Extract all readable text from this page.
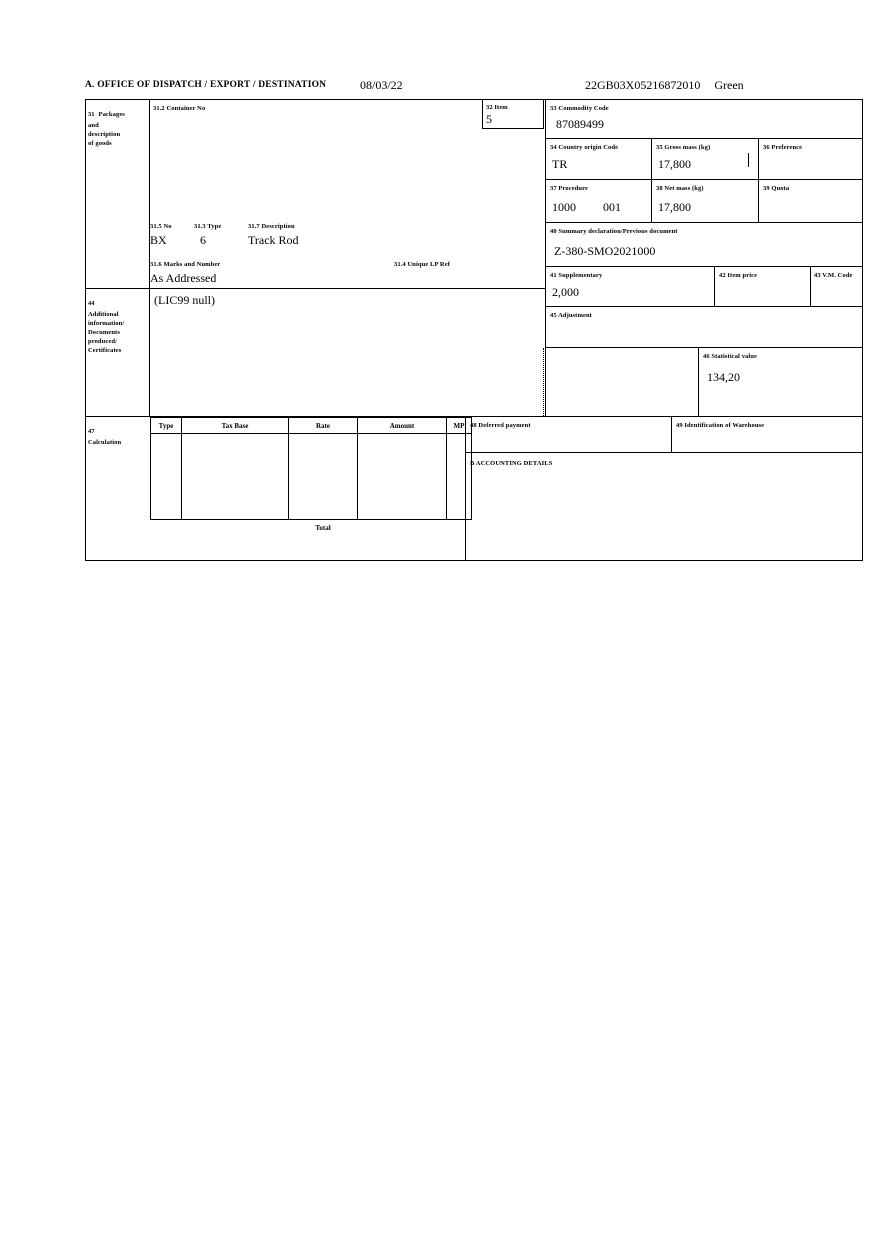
A. OFFICE OF DISPATCH / EXPORT / DESTINATION	08/03/22	22GB03X05216872010 Green
31 Packages
and
description
of goods
31.2 Container No
31.5 No
BX
31.3 Type
6
31.7 Description
Track Rod
31.6 Marks and Number
As Addressed
31.4 Unique LP Ref
32 Item
5
33 Commodity Code
87089499
34 Country origin Code
TR
35 Gross mass (kg)
17,800
36 Preference
37 Procedure
1000 001
38 Net mass (kg)
17,800
39 Quota
40 Summary declaration/Previous document
Z-380-SMO2021000
41 Supplementary
2,000
42 Item price	43 V.M. Code
45 Adjustment
46 Statistical value
134,20
44
Additional
information/
Documents
produced/
Certificates
(LIC99 null)
47
Calculation
Type	Tax Base	Rate	Amount	MP

		Total		
48 Deferred payment	49 Identification of Warehouse
B ACCOUNTING DETAILS
